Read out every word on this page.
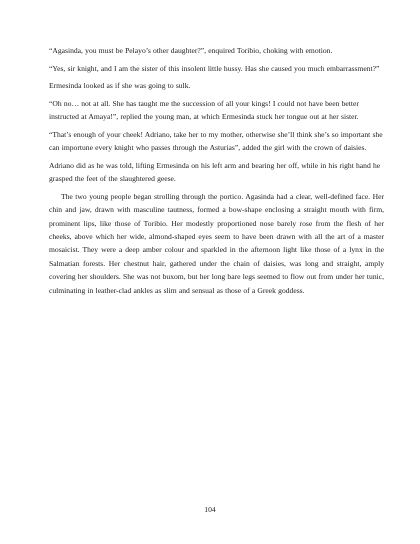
“Agasinda, you must be Pelayo’s other daughter?”, enquired Toribio, choking with emotion.

“Yes, sir knight, and I am the sister of this insolent little hussy. Has she caused you much embarrassment?”

Ermesinda looked as if she was going to sulk.

“Oh no… not at all. She has taught me the succession of all your kings! I could not have been better instructed at Amaya!”, replied the young man, at which Ermesinda stuck her tongue out at her sister.

“That’s enough of your cheek! Adriano, take her to my mother, otherwise she’ll think she’s so important she can importune every knight who passes through the Asturias”, added the girl with the crown of daisies.

Adriano did as he was told, lifting Ermesinda on his left arm and bearing her off, while in his right hand he grasped the feet of the slaughtered geese.

The two young people began strolling through the portico. Agasinda had a clear, well-defined face. Her chin and jaw, drawn with masculine tautness, formed a bow-shape enclosing a straight mouth with firm, prominent lips, like those of Toribio. Her modestly proportioned nose barely rose from the flesh of her cheeks, above which her wide, almond-shaped eyes seem to have been drawn with all the art of a master mosaicist. They were a deep amber colour and sparkled in the afternoon light like those of a lynx in the Salmatian forests. Her chestnut hair, gathered under the chain of daisies, was long and straight, amply covering her shoulders. She was not buxom, but her long bare legs seemed to flow out from under her tunic, culminating in leather-clad ankles as slim and sensual as those of a Greek goddess.

104
